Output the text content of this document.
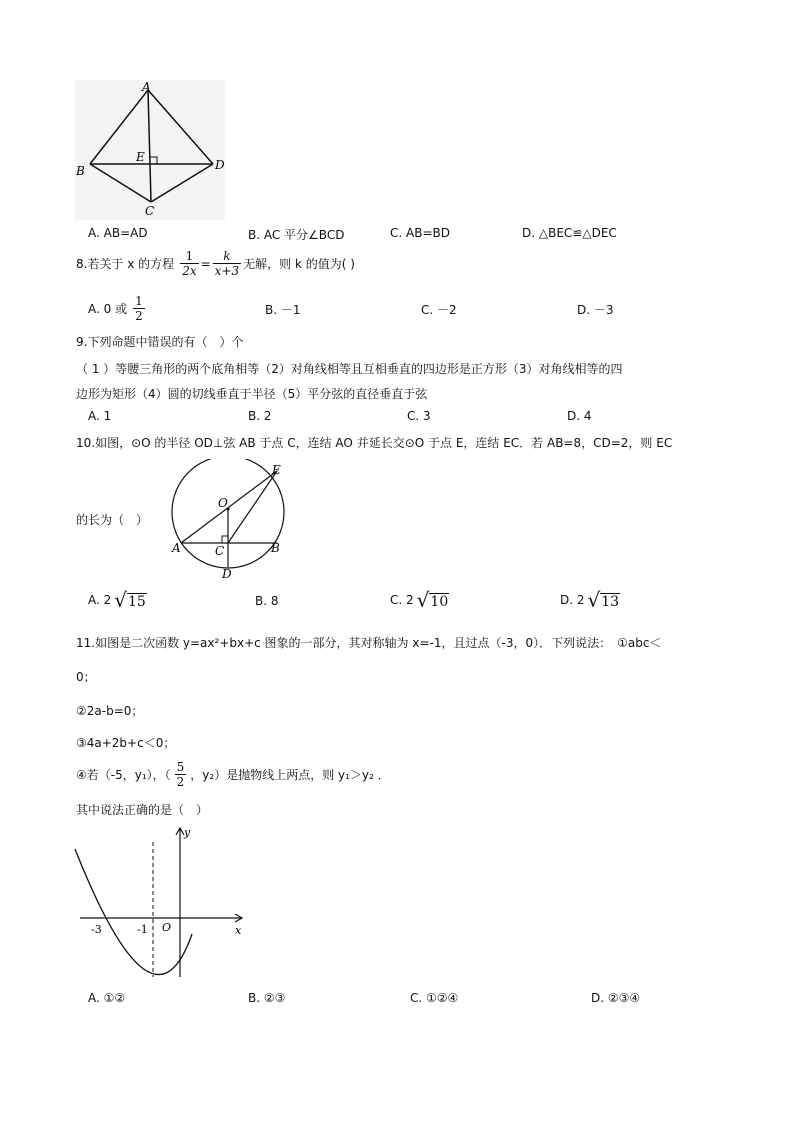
A
B
C
D
E
A. AB=AD	B. AC 平分∠BCD	C. AB=BD	D. △BEC≌△DEC
8.若关于 x 的方程 $\frac{1}{2x} = \frac{k}{x+3}$ 无解，则 k 的值为( )
A. 0 或 $\frac{1}{2}$	B. －1	C. －2	D. －3
9.下列命题中错误的有（　）个
（ 1 ）等腰三角形的两个底角相等（2）对角线相等且互相垂直的四边形是正方形（3）对角线相等的四
边形为矩形（4）圆的切线垂直于半径（5）平分弦的直径垂直于弦
A. 1	B. 2	C. 3	D. 4
10.如图，⊙O 的半径 OD⊥弦 AB 于点 C，连结 AO 并延长交⊙O 于点 E，连结 EC．若 AB=8，CD=2，则 EC
的长为（　）
O
E
A	B
C
D
A. 2 √ 15	B. 8	C. 2 √ 10	D. 2 √ 13
11.如图是二次函数 y=ax²+bx+c 图象的一部分，其对称轴为 x=-1，且过点（-3，0）．下列说法：　①abc＜
0；
②2a-b=0；
③4a+2b+c＜0；
④若（-5，y₁），（ $\frac{5}{2}$ ，y₂）是抛物线上两点，则 y₁＞y₂ ．
其中说法正确的是（　）
y
x
O
-3	-1
A. ①②	B. ②③	C. ①②④	D. ②③④
